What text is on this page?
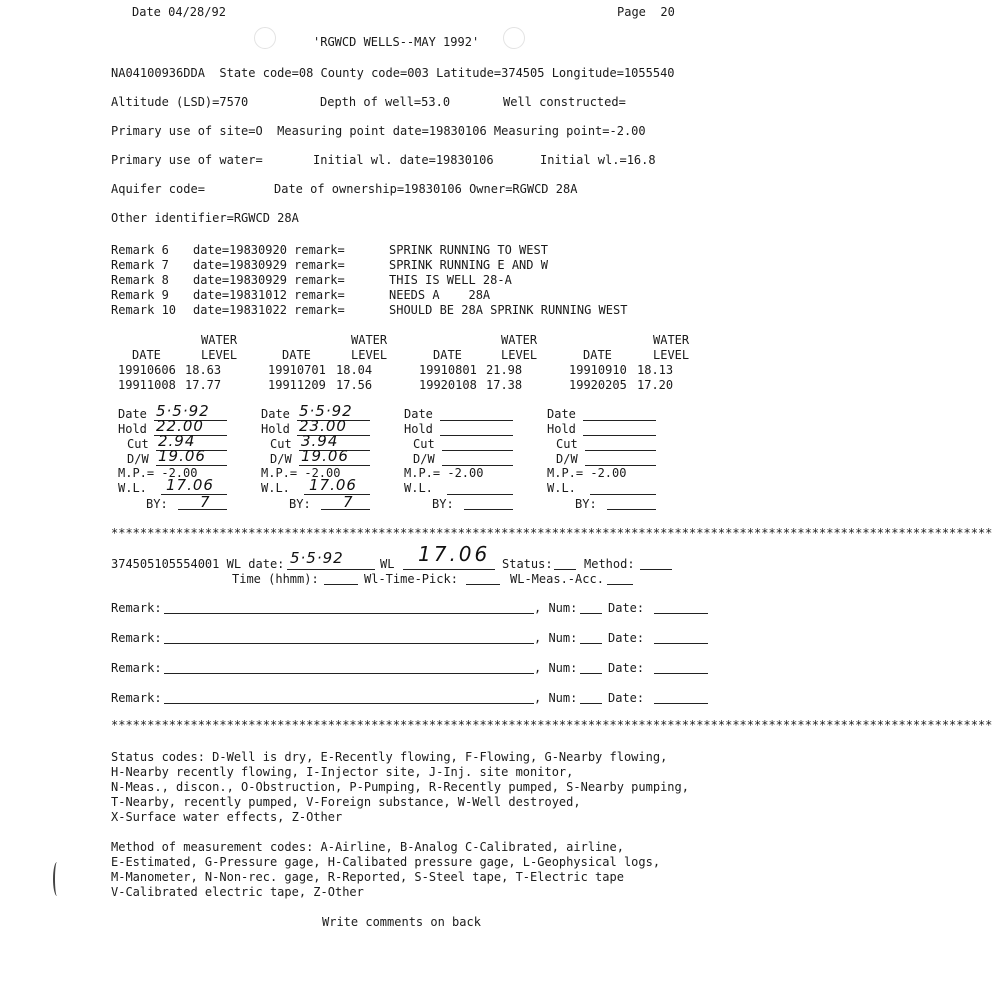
Date 04/28/92	Page  20
'RGWCD WELLS--MAY 1992'
NA04100936DDA  State code=08 County code=003 Latitude=374505 Longitude=1055540
Altitude (LSD)=7570	Depth of well=53.0	Well constructed=
Primary use of site=O  Measuring point date=19830106 Measuring point=-2.00
Primary use of water=	Initial wl. date=19830106	Initial wl.=16.8
Aquifer code=	Date of ownership=19830106 Owner=RGWCD 28A
Other identifier=RGWCD 28A
Remark 6 date=19830920 remark=	SPRINK RUNNING TO WEST
Remark 7 date=19830929 remark=	SPRINK RUNNING E AND W
Remark 8 date=19830929 remark=	THIS IS WELL 28-A
Remark 9 date=19831012 remark=	NEEDS A    28A
Remark 10 date=19831022 remark=	SHOULD BE 28A SPRINK RUNNING WEST
WATER
DATE	LEVEL
19910606 18.63
19911008 17.77
WATER
DATE	LEVEL
19910701 18.04
19911209 17.56
WATER
DATE	LEVEL
19910801 21.98
19920108 17.38
WATER
DATE	LEVEL
19910910 18.13
19920205 17.20
Date 5·5·92
Hold 22.00
Cut 2.94
D/W 19.06
M.P.= -2.00
W.L. 17.06
BY: 7
Date 5·5·92
Hold 23.00
Cut 3.94
D/W 19.06
M.P.= -2.00
W.L. 17.06
BY: 7
Date
Hold
Cut
D/W
M.P.= -2.00
W.L.
BY:
Date
Hold
Cut
D/W
M.P.= -2.00
W.L.
BY:
**************************************************************************************************************************
374505105554001 WL date: 5·5·92	WL 17.06 Status:	Method:
Time (hhmm):	Wl-Time-Pick:	WL-Meas.-Acc.
Remark:	, Num:	Date:
Remark:	, Num:	Date:
Remark:	, Num:	Date:
Remark:	, Num:	Date:
**************************************************************************************************************************
Status codes: D-Well is dry, E-Recently flowing, F-Flowing, G-Nearby flowing,
H-Nearby recently flowing, I-Injector site, J-Inj. site monitor,
N-Meas., discon., O-Obstruction, P-Pumping, R-Recently pumped, S-Nearby pumping,
T-Nearby, recently pumped, V-Foreign substance, W-Well destroyed,
X-Surface water effects, Z-Other
Method of measurement codes: A-Airline, B-Analog C-Calibrated, airline,
E-Estimated, G-Pressure gage, H-Calibated pressure gage, L-Geophysical logs,
M-Manometer, N-Non-rec. gage, R-Reported, S-Steel tape, T-Electric tape
V-Calibrated electric tape, Z-Other
Write comments on back
